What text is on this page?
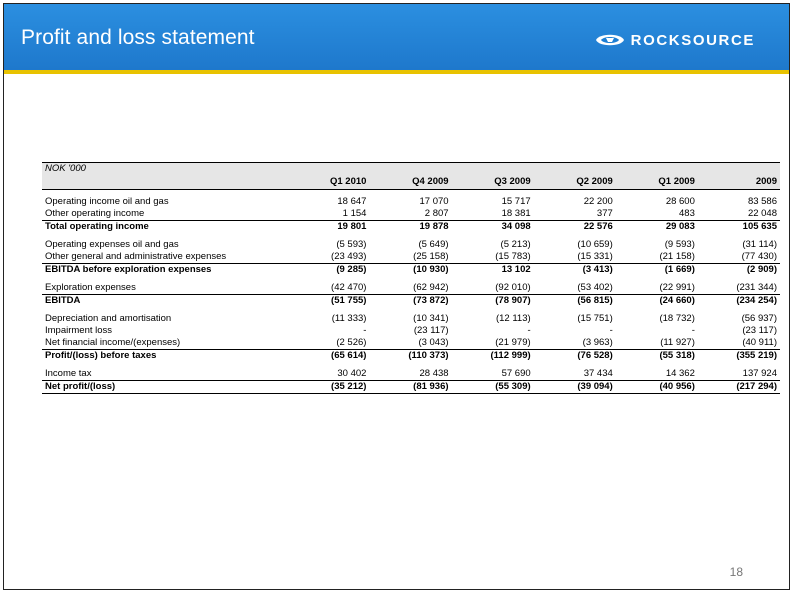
Profit and loss statement	ROCKSOURCE
NOK '000						
	Q1 2010	Q4 2009	Q3 2009	Q2 2009	Q1 2009	2009

Operating income oil and gas	18 647	17 070	15 717	22 200	28 600	83 586
Other operating income	1 154	2 807	18 381	377	483	22 048
Total operating income	19 801	19 878	34 098	22 576	29 083	105 635

Operating expenses oil and gas	(5 593)	(5 649)	(5 213)	(10 659)	(9 593)	(31 114)
Other general and administrative expenses	(23 493)	(25 158)	(15 783)	(15 331)	(21 158)	(77 430)
EBITDA before exploration expenses	(9 285)	(10 930)	13 102	(3 413)	(1 669)	(2 909)

Exploration expenses	(42 470)	(62 942)	(92 010)	(53 402)	(22 991)	(231 344)
EBITDA	(51 755)	(73 872)	(78 907)	(56 815)	(24 660)	(234 254)

Depreciation and amortisation	(11 333)	(10 341)	(12 113)	(15 751)	(18 732)	(56 937)
Impairment loss	-	(23 117)	-	-	-	(23 117)
Net financial income/(expenses)	(2 526)	(3 043)	(21 979)	(3 963)	(11 927)	(40 911)
Profit/(loss) before taxes	(65 614)	(110 373)	(112 999)	(76 528)	(55 318)	(355 219)

Income tax	30 402	28 438	57 690	37 434	14 362	137 924
Net profit/(loss)	(35 212)	(81 936)	(55 309)	(39 094)	(40 956)	(217 294)
18
